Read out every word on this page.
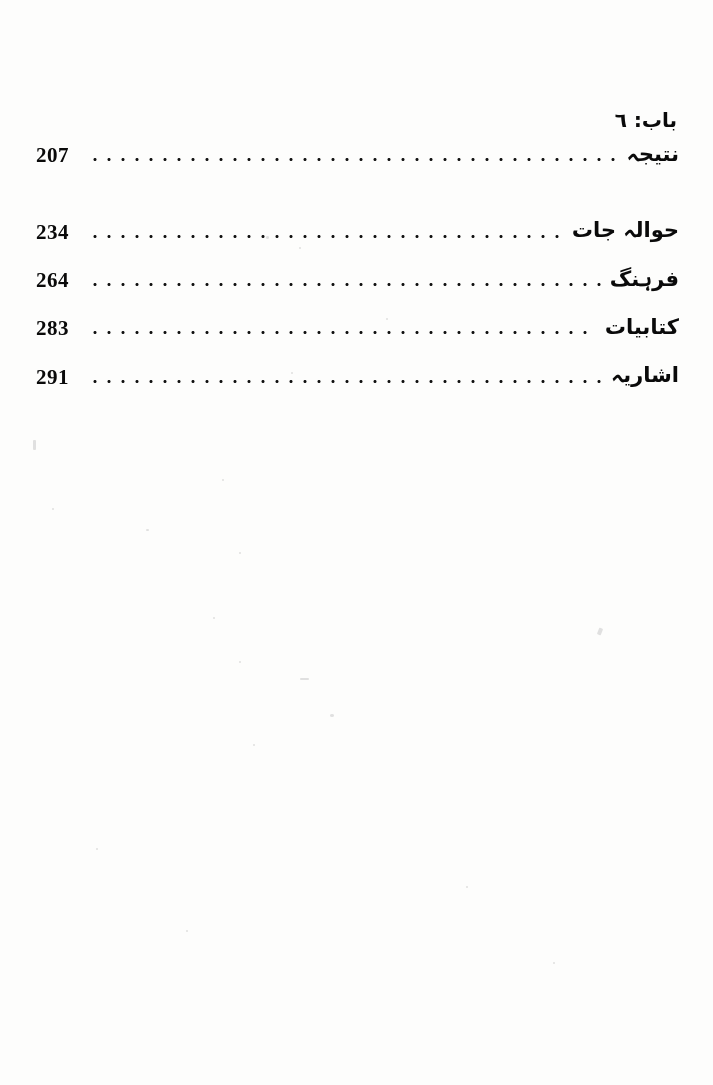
باب: ٦
نتیجہ
207
حوالہ جات
234
فرہنگ
264
کتابیات
283
اشاریہ
291
